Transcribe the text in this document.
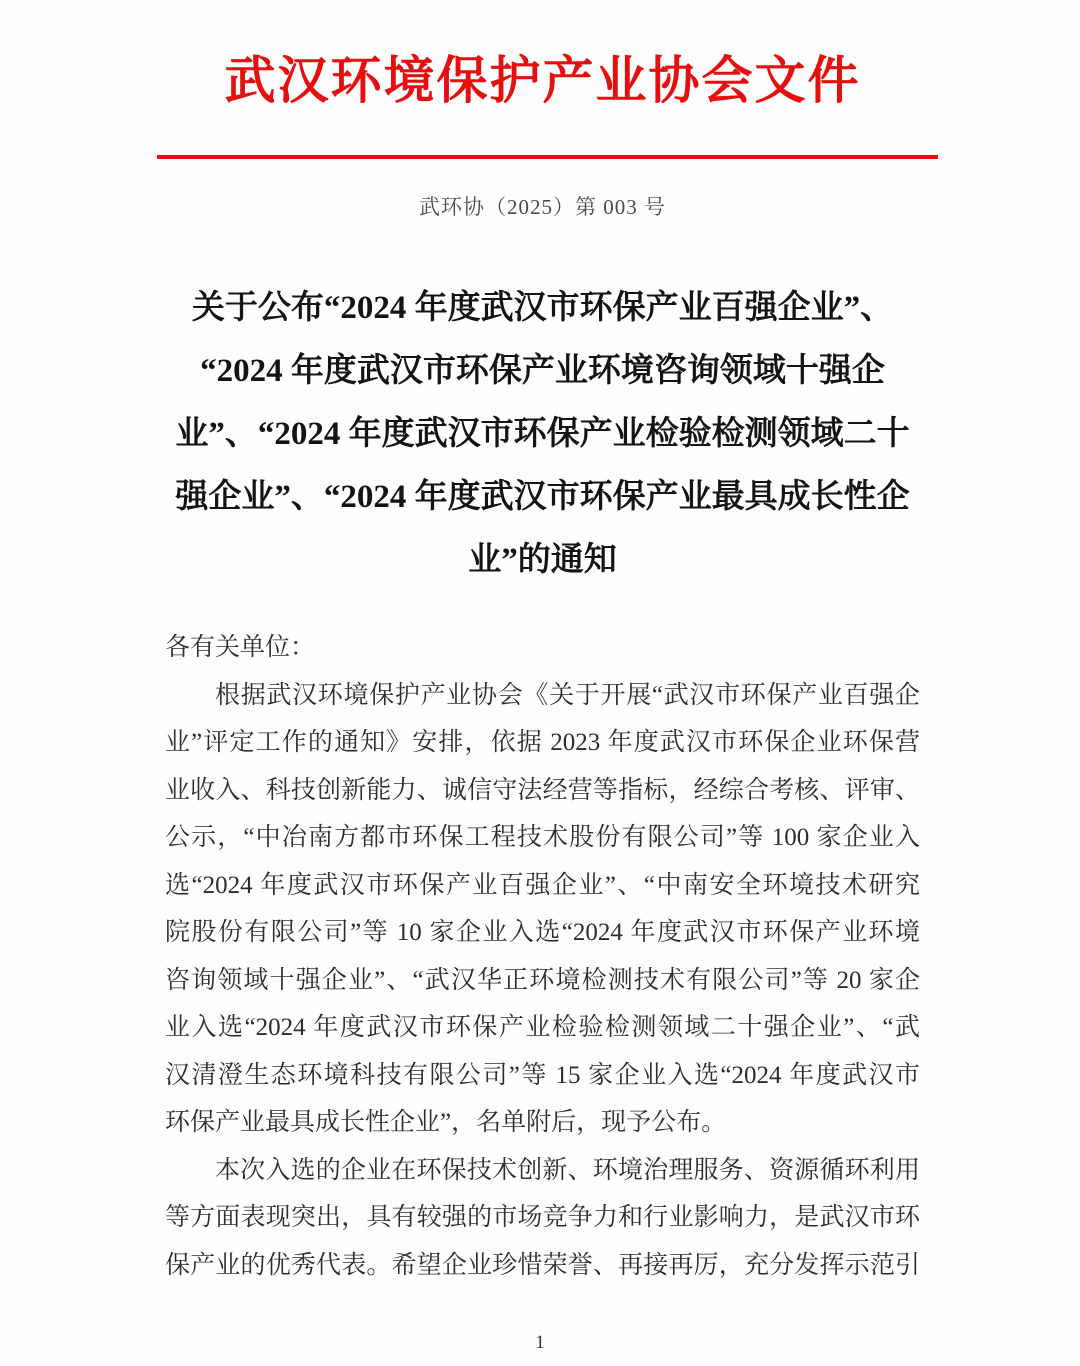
武汉环境保护产业协会文件
武环协（2025）第 003 号
关于公布“2024 年度武汉市环保产业百强企业”、
“2024 年度武汉市环保产业环境咨询领域十强企
业”、“2024 年度武汉市环保产业检验检测领域二十
强企业”、“2024 年度武汉市环保产业最具成长性企
业”的通知
各有关单位：
根据武汉环境保护产业协会《关于开展“武汉市环保产业百强企
业”评定工作的通知》安排，依据 2023 年度武汉市环保企业环保营
业收入、科技创新能力、诚信守法经营等指标，经综合考核、评审、
公示，“中冶南方都市环保工程技术股份有限公司”等 100 家企业入
选“2024 年度武汉市环保产业百强企业”、“中南安全环境技术研究
院股份有限公司”等 10 家企业入选“2024 年度武汉市环保产业环境
咨询领域十强企业”、“武汉华正环境检测技术有限公司”等 20 家企
业入选“2024 年度武汉市环保产业检验检测领域二十强企业”、“武
汉清澄生态环境科技有限公司”等 15 家企业入选“2024 年度武汉市
环保产业最具成长性企业”，名单附后，现予公布。
本次入选的企业在环保技术创新、环境治理服务、资源循环利用
等方面表现突出，具有较强的市场竞争力和行业影响力，是武汉市环
保产业的优秀代表。希望企业珍惜荣誉、再接再厉，充分发挥示范引
1
